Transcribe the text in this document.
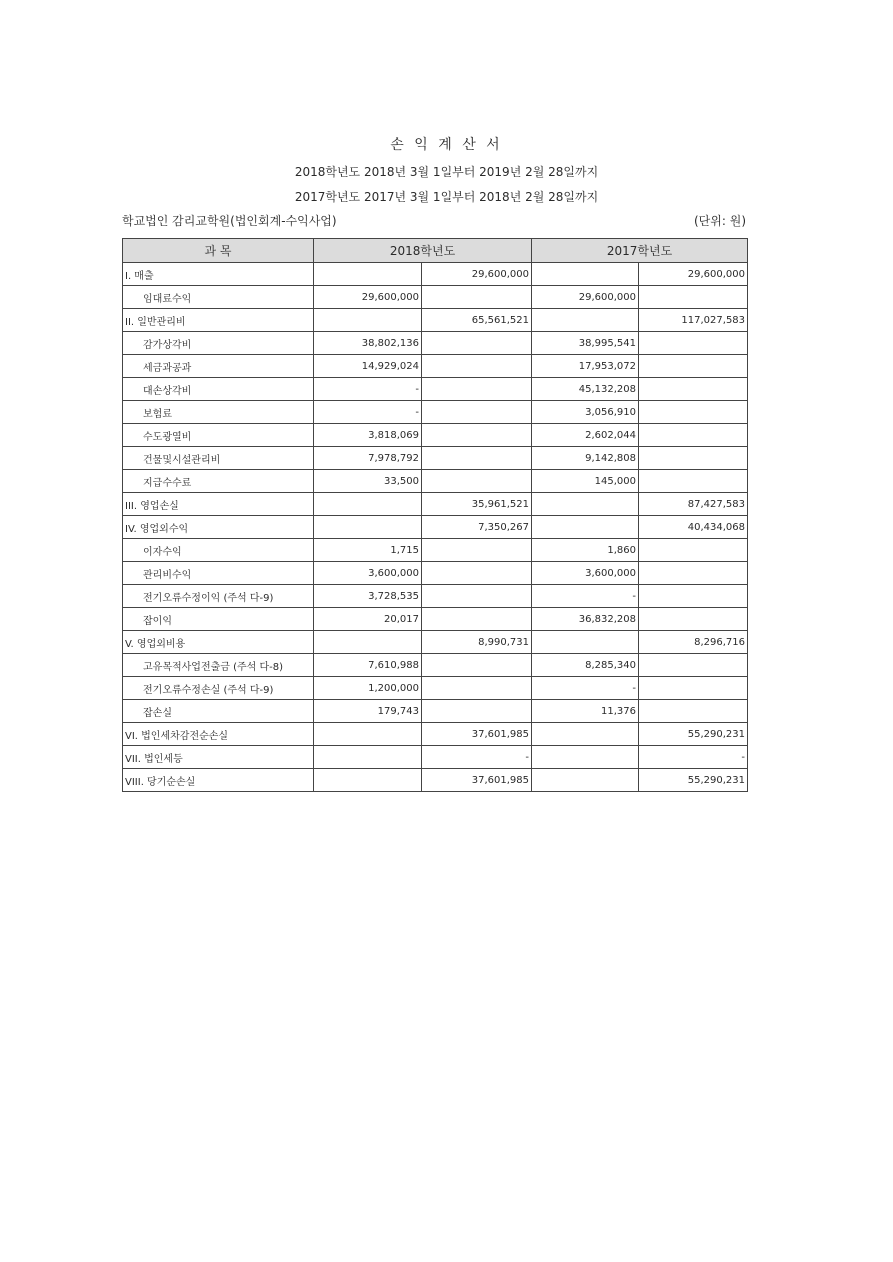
손 익 계 산 서
2018학년도 2018년 3월 1일부터 2019년 2월 28일까지
2017학년도 2017년 3월 1일부터 2018년 2월 28일까지
학교법인 감리교학원(법인회계-수익사업)	(단위: 원)
과 목	2018학년도		2017학년도	
I. 매출		29,600,000		29,600,000
임대료수익	29,600,000		29,600,000	
II. 일반관리비		65,561,521		117,027,583
감가상각비	38,802,136		38,995,541	
세금과공과	14,929,024		17,953,072	
대손상각비	-		45,132,208	
보험료	-		3,056,910	
수도광열비	3,818,069		2,602,044	
건물및시설관리비	7,978,792		9,142,808	
지급수수료	33,500		145,000	
III. 영업손실		35,961,521		87,427,583
IV. 영업외수익		7,350,267		40,434,068
이자수익	1,715		1,860	
관리비수익	3,600,000		3,600,000	
전기오류수정이익 (주석 다-9)	3,728,535		-	
잡이익	20,017		36,832,208	
V. 영업외비용		8,990,731		8,296,716
고유목적사업전출금 (주석 다-8)	7,610,988		8,285,340	
전기오류수정손실 (주석 다-9)	1,200,000		-	
잡손실	179,743		11,376	
VI. 법인세차감전순손실		37,601,985		55,290,231
VII. 법인세등		-		-
VIII. 당기순손실		37,601,985		55,290,231
